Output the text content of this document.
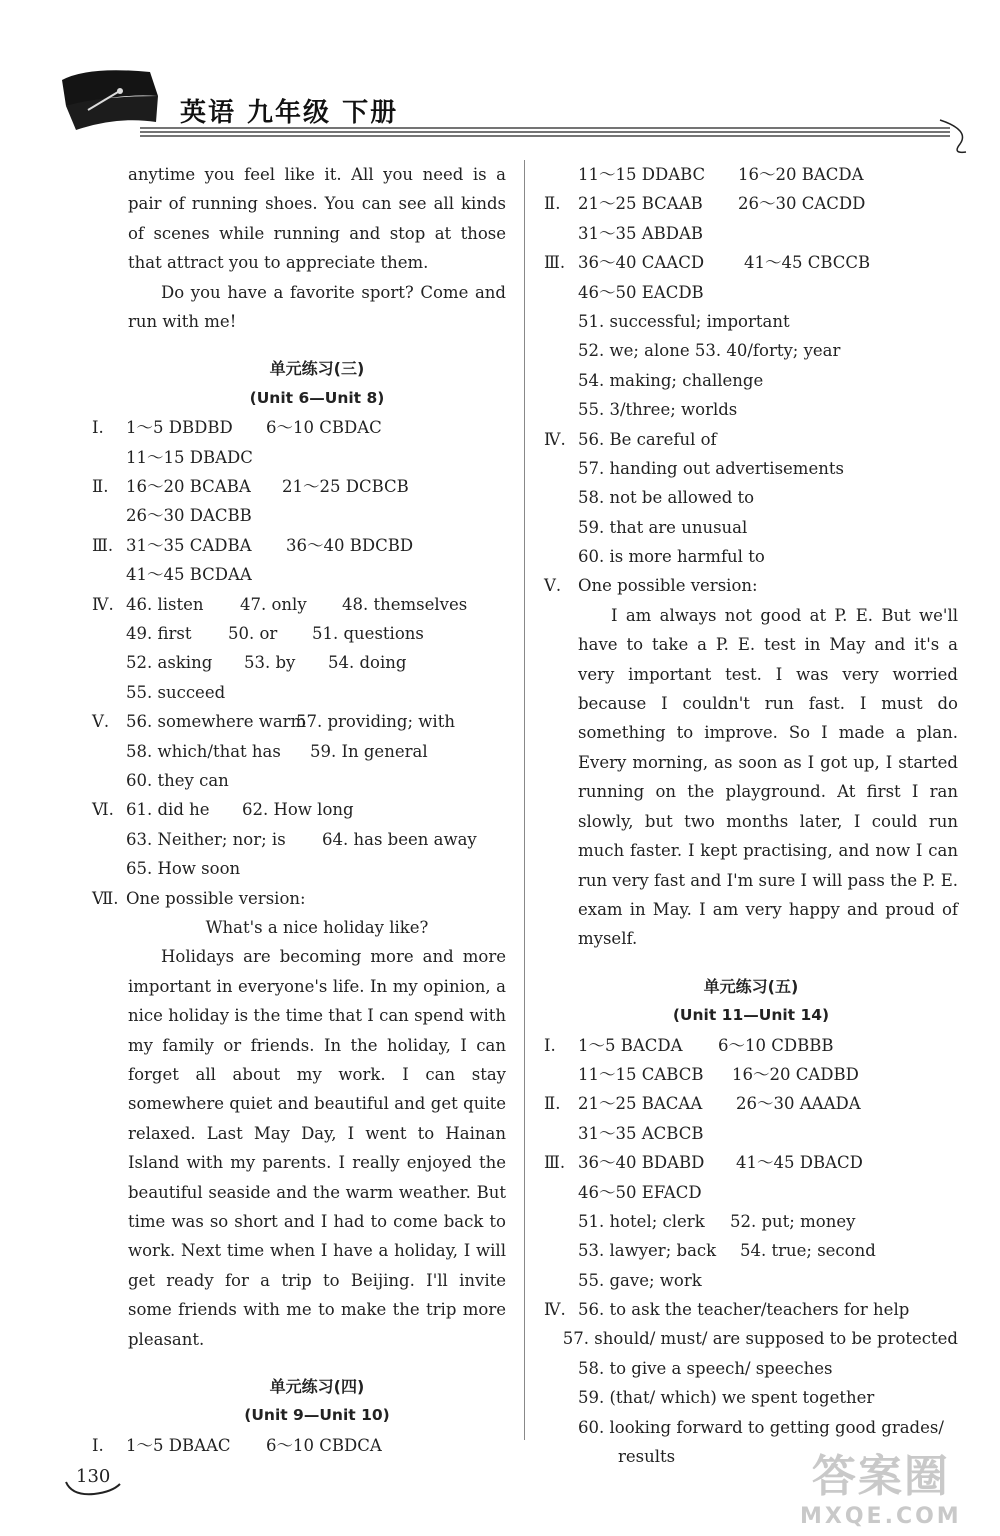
英语 九年级 下册
anytime you feel like it. All you need is a pair of running shoes. You can see all kinds of scenes while running and stop at those that attract you to appreciate them.
Do you have a favorite sport? Come and run with me!
单元练习(三)
(Unit 6—Unit 8)
Ⅰ.	1～5 DBDBD	6～10 CBDAC
11～15 DBADC
Ⅱ.	16～20 BCABA	21～25 DCBCB
26～30 DACBB
Ⅲ. 31～35 CADBA	36～40 BDCBD
41～45 BCDAA
Ⅳ. 46. listen	47. only	48. themselves
49. first	50. or	51. questions
52. asking	53. by	54. doing
55. succeed
Ⅴ.	56. somewhere warm
57. providing; with
58. which/that has	59. In general
60. they can
Ⅵ. 61. did he	62. How long
63. Neither; nor; is	64. has been away
65. How soon
Ⅶ. One possible version:
What's a nice holiday like?
Holidays are becoming more and more important in everyone's life. In my opinion, a nice holiday is the time that I can spend with my family or friends. In the holiday, I can forget all about my work. I can stay somewhere quiet and beautiful and get quite relaxed. Last May Day, I went to Hainan Island with my parents. I really enjoyed the beautiful seaside and the warm weather. But time was so short and I had to come back to work. Next time when I have a holiday, I will get ready for a trip to Beijing. I'll invite some friends with me to make the trip more pleasant.
单元练习(四)
(Unit 9—Unit 10)
Ⅰ.	1～5 DBAAC	6～10 CBDCA
11～15 DDABC	16～20 BACDA
Ⅱ.	21～25 BCAAB	26～30 CACDD
31～35 ABDAB
Ⅲ. 36～40 CAACD	41～45 CBCCB
46～50 EACDB
51. successful; important
52. we; alone 53. 40/forty; year
54. making; challenge
55. 3/three; worlds
Ⅳ. 56. Be careful of
57. handing out advertisements
58. not be allowed to
59. that are unusual
60. is more harmful to
Ⅴ.	One possible version:
I am always not good at P. E. But we'll have to take a P. E. test in May and it's a very important test. I was very worried because I couldn't run fast. I must do something to improve. So I made a plan. Every morning, as soon as I got up, I started running on the playground. At first I ran slowly, but two months later, I could run much faster. I kept practising, and now I can run very fast and I'm sure I will pass the P. E. exam in May. I am very happy and proud of myself.
单元练习(五)
(Unit 11—Unit 14)
Ⅰ.	1～5 BACDA	6～10 CDBBB
11～15 CABCB	16～20 CADBD
Ⅱ.	21～25 BACAA	26～30 AAADA
31～35 ACBCB
Ⅲ. 36～40 BDABD	41～45 DBACD
46～50 EFACD
51. hotel; clerk	52. put; money
53. lawyer; back	54. true; second
55. gave; work
Ⅳ. 56. to ask the teacher/teachers for help
57. should/ must/ are supposed to be protected
58. to give a speech/ speeches
59. (that/ which) we spent together
60. looking forward to getting good grades/
results
130	答案圈
MXQE.COM
